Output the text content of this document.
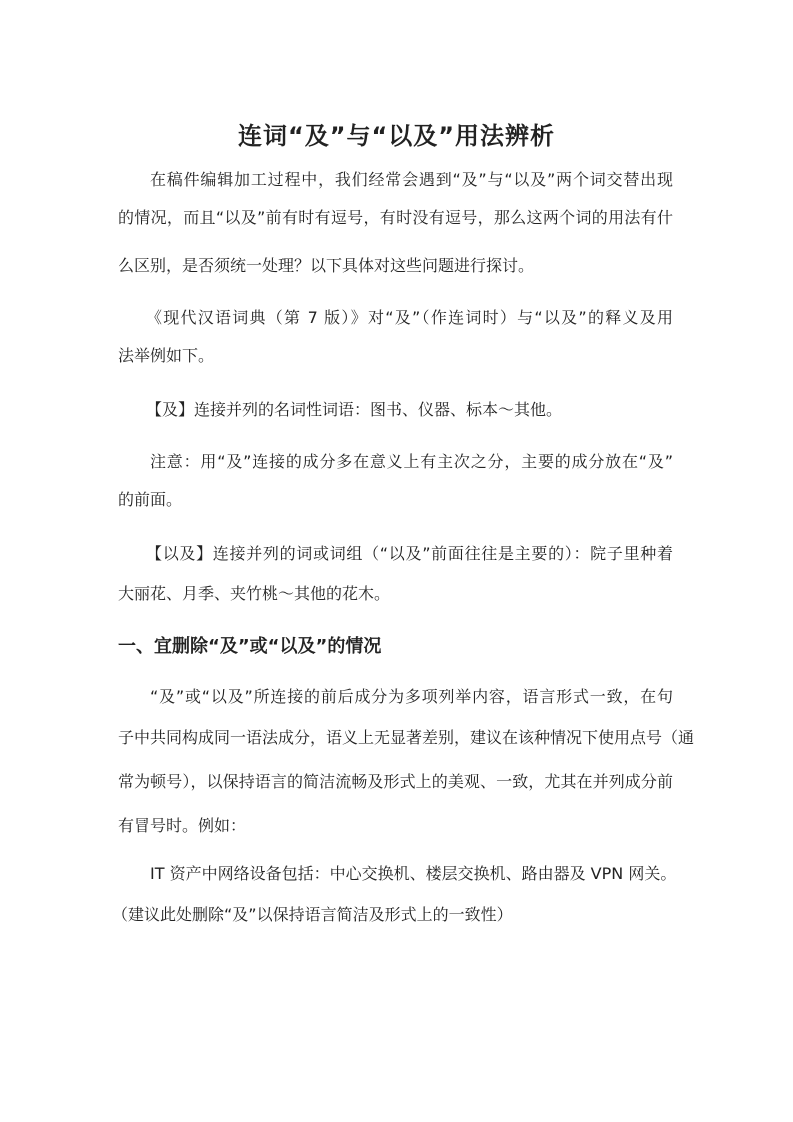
连词“及”与“以及”用法辨析
在稿件编辑加工过程中，我们经常会遇到“及”与“以及”两个词交替出现
的情况，而且“以及”前有时有逗号，有时没有逗号，那么这两个词的用法有什
么区别，是否须统一处理？以下具体对这些问题进行探讨。
《现代汉语词典（第 7 版）》对“及”（作连词时）与“以及”的释义及用
法举例如下。
【及】连接并列的名词性词语：图书、仪器、标本～其他。
注意：用“及”连接的成分多在意义上有主次之分，主要的成分放在“及”
的前面。
【以及】连接并列的词或词组（“以及”前面往往是主要的）：院子里种着
大丽花、月季、夹竹桃～其他的花木。
一、宜删除“及”或“以及”的情况
“及”或“以及”所连接的前后成分为多项列举内容，语言形式一致，在句
子中共同构成同一语法成分，语义上无显著差别，建议在该种情况下使用点号（通
常为顿号），以保持语言的简洁流畅及形式上的美观、一致，尤其在并列成分前
有冒号时。例如：
IT 资产中网络设备包括：中心交换机、楼层交换机、路由器及 VPN 网关。
（建议此处删除“及”以保持语言简洁及形式上的一致性）
